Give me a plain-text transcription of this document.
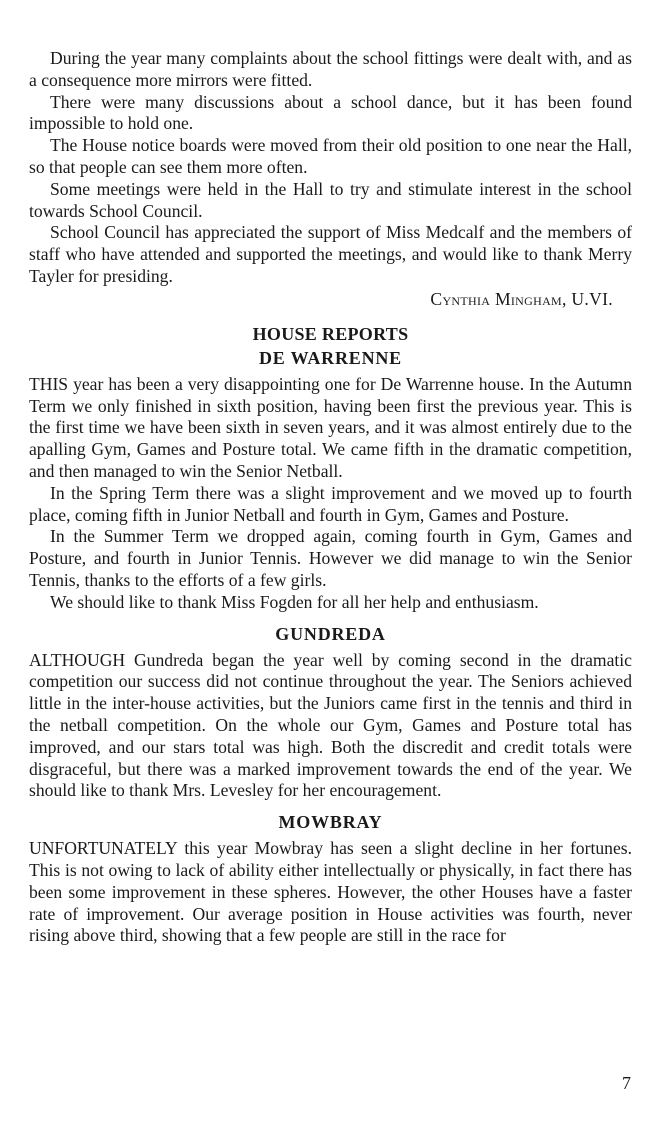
During the year many complaints about the school fittings were dealt with, and as a consequence more mirrors were fitted.

There were many discussions about a school dance, but it has been found impossible to hold one.

The House notice boards were moved from their old position to one near the Hall, so that people can see them more often.

Some meetings were held in the Hall to try and stimulate interest in the school towards School Council.

School Council has appreciated the support of Miss Medcalf and the members of staff who have attended and supported the meetings, and would like to thank Merry Tayler for presiding.

Cynthia Mingham, U.VI.
HOUSE REPORTS
DE WARRENNE

THIS year has been a very disappointing one for De Warrenne house. In the Autumn Term we only finished in sixth position, having been first the previous year. This is the first time we have been sixth in seven years, and it was almost entirely due to the apalling Gym, Games and Posture total. We came fifth in the dramatic competition, and then managed to win the Senior Netball.

In the Spring Term there was a slight improvement and we moved up to fourth place, coming fifth in Junior Netball and fourth in Gym, Games and Posture.

In the Summer Term we dropped again, coming fourth in Gym, Games and Posture, and fourth in Junior Tennis. However we did manage to win the Senior Tennis, thanks to the efforts of a few girls.

We should like to thank Miss Fogden for all her help and enthusiasm.

GUNDREDA

ALTHOUGH Gundreda began the year well by coming second in the dramatic competition our success did not continue throughout the year. The Seniors achieved little in the inter-house activities, but the Juniors came first in the tennis and third in the netball competition. On the whole our Gym, Games and Posture total has improved, and our stars total was high. Both the discredit and credit totals were disgraceful, but there was a marked improvement towards the end of the year. We should like to thank Mrs. Levesley for her encouragement.

MOWBRAY

UNFORTUNATELY this year Mowbray has seen a slight decline in her fortunes. This is not owing to lack of ability either intellectually or physically, in fact there has been some improvement in these spheres. However, the other Houses have a faster rate of improvement. Our average position in House activities was fourth, never rising above third, showing that a few people are still in the race for

7
